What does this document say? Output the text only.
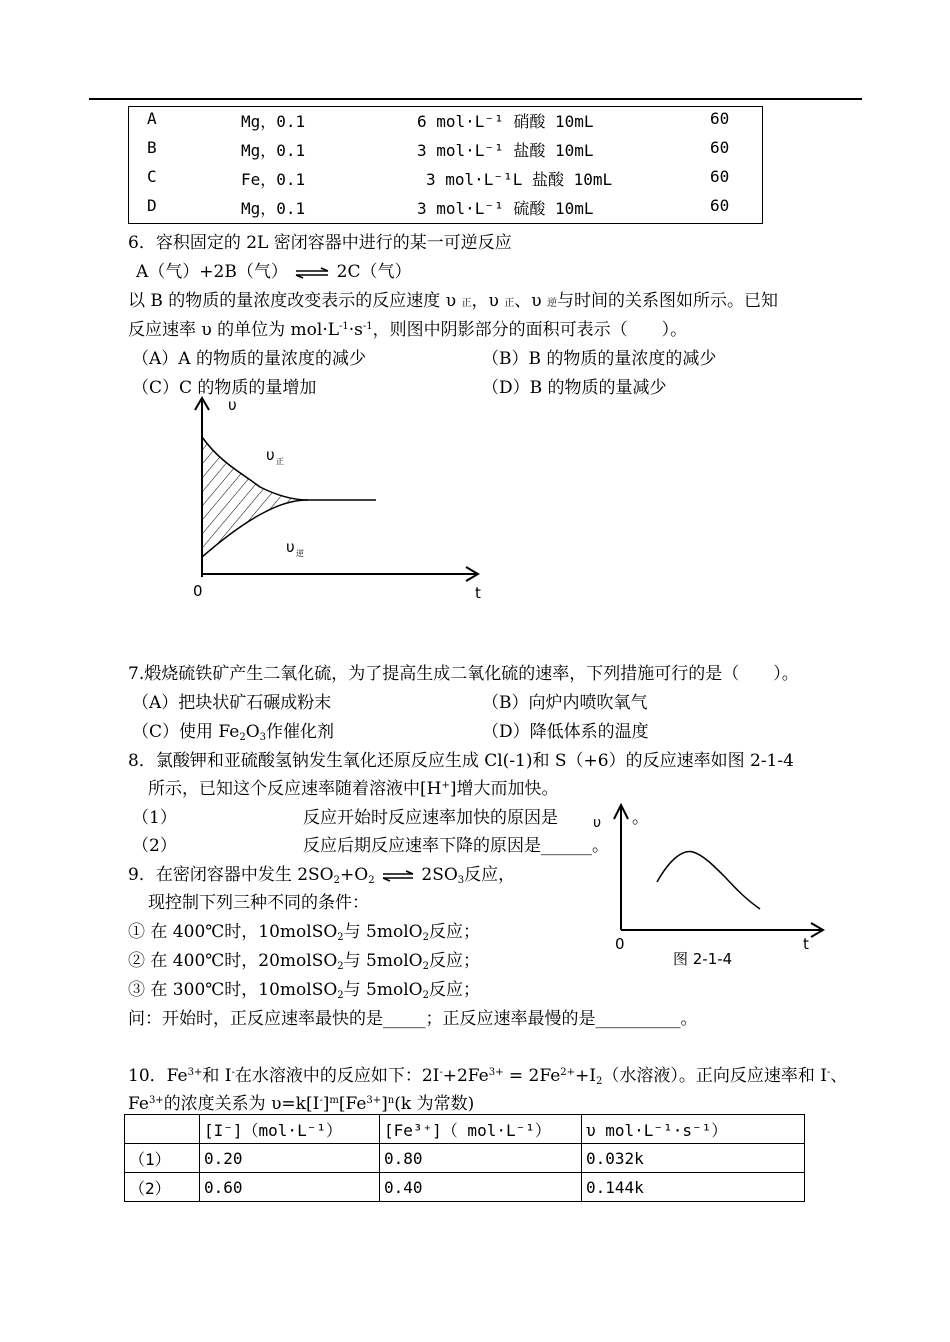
A	Mg，0.1	6 mol·L⁻¹ 硝酸 10mL	60
B	Mg，0.1	3 mol·L⁻¹ 盐酸 10mL	60
C	Fe，0.1	3 mol·L⁻¹L 盐酸 10mL	60
D	Mg，0.1	3 mol·L⁻¹ 硫酸 10mL	60
6．容积固定的 2L 密闭容器中进行的某一可逆反应
A（气）+2B（气） ⇌ 2C（气）
以 B 的物质的量浓度改变表示的反应速度 υ 正，υ 正、υ 逆与时间的关系图如所示。已知
反应速率 υ 的单位为 $mol\cdot L^{-1}\cdot s^{-1}$，则图中阴影部分的面积可表示（　　）。
（A）A 的物质的量浓度的减少	（B）B 的物质的量浓度的减少
（C）C 的物质的量增加	（D）B 的物质的量减少
υ
0	t
υ 正
υ 逆
7.煅烧硫铁矿产生二氧化硫，为了提高生成二氧化硫的速率，下列措施可行的是（　　）。
（A）把块状矿石碾成粉末	（B）向炉内喷吹氧气
（C）使用 $Fe_2O_3$作催化剂	（D）降低体系的温度
8．氯酸钾和亚硫酸氢钠发生氧化还原反应生成 Cl(-1)和 S（+6）的反应速率如图 2-1-4
所示，已知这个反应速率随着溶液中[H+]增大而加快。
（1）	反应开始时反应速率加快的原因是	。
（2）	反应后期反应速率下降的原因是______。
υ
0	t
图 2-1-4
9．在密闭容器中发生 $2SO_2+O_2$ ⇌ $2SO_3$反应，
现控制下列三种不同的条件：
① 在 400℃时，10molSO$_2$与 5molO$_2$反应；
② 在 400℃时，20molSO$_2$与 5molO$_2$反应；
③ 在 300℃时，10molSO$_2$与 5molO$_2$反应；
问：开始时，正反应速率最快的是_____；正反应速率最慢的是__________。
10．$Fe^{3+}$和 I-在水溶液中的反应如下：$2I^-+2Fe^{3+} = 2Fe^{2+}+I_2$（水溶液）。正向反应速率和 I-、
$Fe^{3+}$的浓度关系为 $\upsilon=k[I^-]^m[Fe^{3+}]^n(k$ 为常数)
	[I⁻]（mol·L⁻¹）	[Fe³⁺]（ mol·L⁻¹）	υ mol·L⁻¹·s⁻¹）
（1）	0.20	0.80	0.032k
（2）	0.60	0.40	0.144k
